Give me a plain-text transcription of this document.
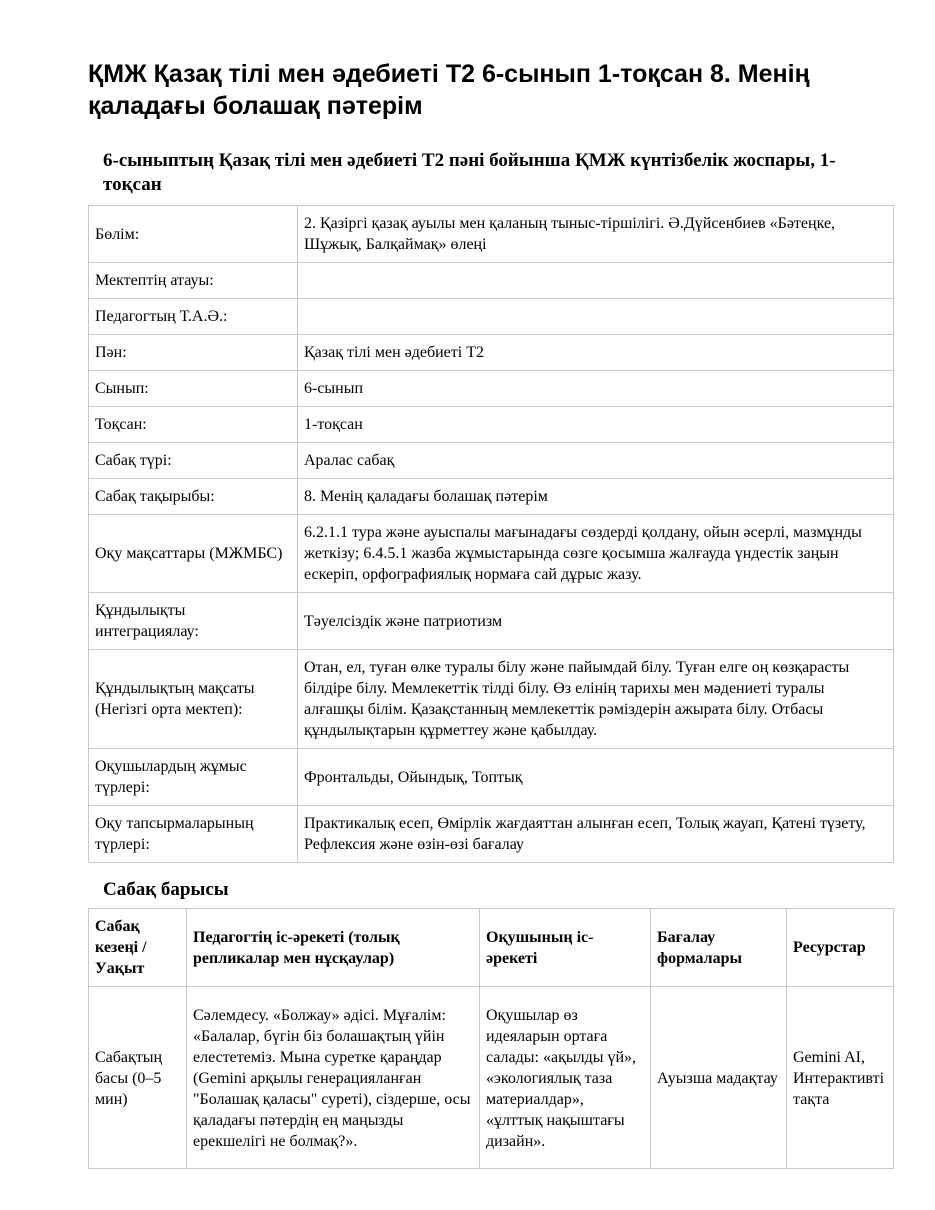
ҚМЖ Қазақ тілі мен әдебиеті Т2 6-сынып 1-тоқсан 8. Менің қаладағы болашақ пәтерім
6-сыныптың Қазақ тілі мен әдебиеті Т2 пәні бойынша ҚМЖ күнтізбелік жоспары, 1-тоқсан
Бөлім:	2. Қазіргі қазақ ауылы мен қаланың тыныс-тіршілігі. Ә.Дүйсенбиев «Бәтеңке, Шұжық, Балқаймақ» өлеңі
Мектептің атауы:	
Педагогтың Т.А.Ә.:	
Пән:	Қазақ тілі мен әдебиеті Т2
Сынып:	6-сынып
Тоқсан:	1-тоқсан
Сабақ түрі:	Аралас сабақ
Сабақ тақырыбы:	8. Менің қаладағы болашақ пәтерім
Оқу мақсаттары (МЖМБС)	6.2.1.1 тура және ауыспалы мағынадағы сөздерді қолдану, ойын әсерлі, мазмұнды жеткізу; 6.4.5.1 жазба жұмыстарында сөзге қосымша жалғауда үндестік заңын ескеріп, орфографиялық нормаға сай дұрыс жазу.
Құндылықты интеграциялау:	Тәуелсіздік және патриотизм
Құндылықтың мақсаты (Негізгі орта мектеп):	Отан, ел, туған өлке туралы білу және пайымдай білу. Туған елге оң көзқарасты білдіре білу. Мемлекеттік тілді білу. Өз елінің тарихы мен мәдениеті туралы алғашқы білім. Қазақстанның мемлекеттік рәміздерін ажырата білу. Отбасы құндылықтарын құрметтеу және қабылдау.
Оқушылардың жұмыс түрлері:	Фронтальды, Ойындық, Топтық
Оқу тапсырмаларының түрлері:	Практикалық есеп, Өмірлік жағдаяттан алынған есеп, Толық жауап, Қатені түзету, Рефлексия және өзін-өзі бағалау
Сабақ барысы
Сабақ кезеңі / Уақыт	Педагогтің іс-әрекеті (толық репликалар мен нұсқаулар)	Оқушының іс-әрекеті	Бағалау формалары	Ресурстар
Сабақтың басы (0–5 мин)	Сәлемдесу. «Болжау» әдісі. Мұғалім: «Балалар, бүгін біз болашақтың үйін елестетеміз. Мына суретке қараңдар (Gemini арқылы генерацияланған "Болашақ қаласы" суреті), сіздерше, осы қаладағы пәтердің ең маңызды ерекшелігі не болмақ?».	Оқушылар өз идеяларын ортаға салады: «ақылды үй», «экологиялық таза материалдар», «ұлттық нақыштағы дизайн».	Ауызша мадақтау	Gemini AI, Интерактивті тақта
